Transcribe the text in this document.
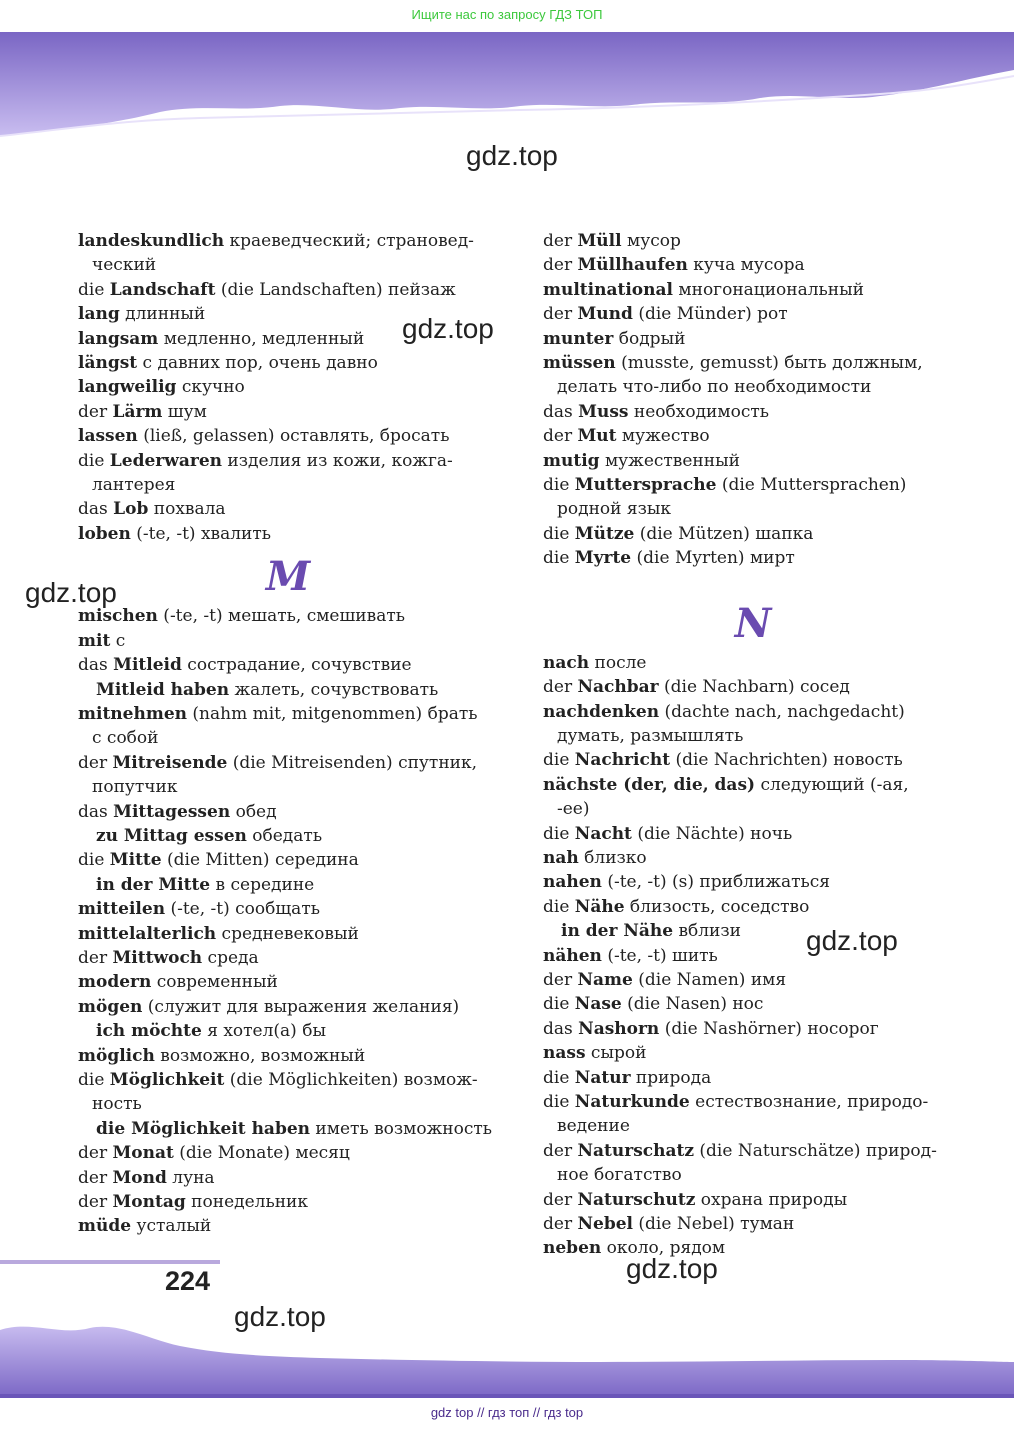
Ищите нас по запросу ГДЗ ТОП
gdz.top
gdz.top
gdz.top
gdz.top
gdz.top
gdz.top
landeskundlich краеведческий; страновед-
ческий
die Landschaft (die Landschaften) пейзаж
lang длинный
langsam медленно, медленный
längst с давних пор, очень давно
langweilig скучно
der Lärm шум
lassen (ließ, gelassen) оставлять, бросать
die Lederwaren изделия из кожи, кожга-
лантерея
das Lob похвала
loben (-te, -t) хвалить
M
mischen (-te, -t) мешать, смешивать
mit с
das Mitleid сострадание, сочувствие
Mitleid haben жалеть, сочувствовать
mitnehmen (nahm mit, mitgenommen) брать
с собой
der Mitreisende (die Mitreisenden) спутник,
попутчик
das Mittagessen обед
zu Mittag essen обедать
die Mitte (die Mitten) середина
in der Mitte в середине
mitteilen (-te, -t) сообщать
mittelalterlich средневековый
der Mittwoch среда
modern современный
mögen (служит для выражения желания)
ich möchte я хотел(а) бы
möglich возможно, возможный
die Möglichkeit (die Möglichkeiten) возмож-
ность
die Möglichkeit haben иметь возможность
der Monat (die Monate) месяц
der Mond луна
der Montag понедельник
müde усталый
der Müll мусор
der Müllhaufen куча мусора
multinational многонациональный
der Mund (die Münder) рот
munter бодрый
müssen (musste, gemusst) быть должным,
делать что-либо по необходимости
das Muss необходимость
der Mut мужество
mutig мужественный
die Muttersprache (die Muttersprachen)
родной язык
die Mütze (die Mützen) шапка
die Myrte (die Myrten) мирт
N
nach после
der Nachbar (die Nachbarn) сосед
nachdenken (dachte nach, nachgedacht)
думать, размышлять
die Nachricht (die Nachrichten) новость
nächste (der, die, das) следующий (-ая,
-ее)
die Nacht (die Nächte) ночь
nah близко
nahen (-te, -t) (s) приближаться
die Nähe близость, соседство
in der Nähe вблизи
nähen (-te, -t) шить
der Name (die Namen) имя
die Nase (die Nasen) нос
das Nashorn (die Nashörner) носорог
nass сырой
die Natur природа
die Naturkunde естествознание, природо-
ведение
der Naturschatz (die Naturschätze) природ-
ное богатство
der Naturschutz охрана природы
der Nebel (die Nebel) туман
neben около, рядом
224
gdz top // гдз топ // гдз top
